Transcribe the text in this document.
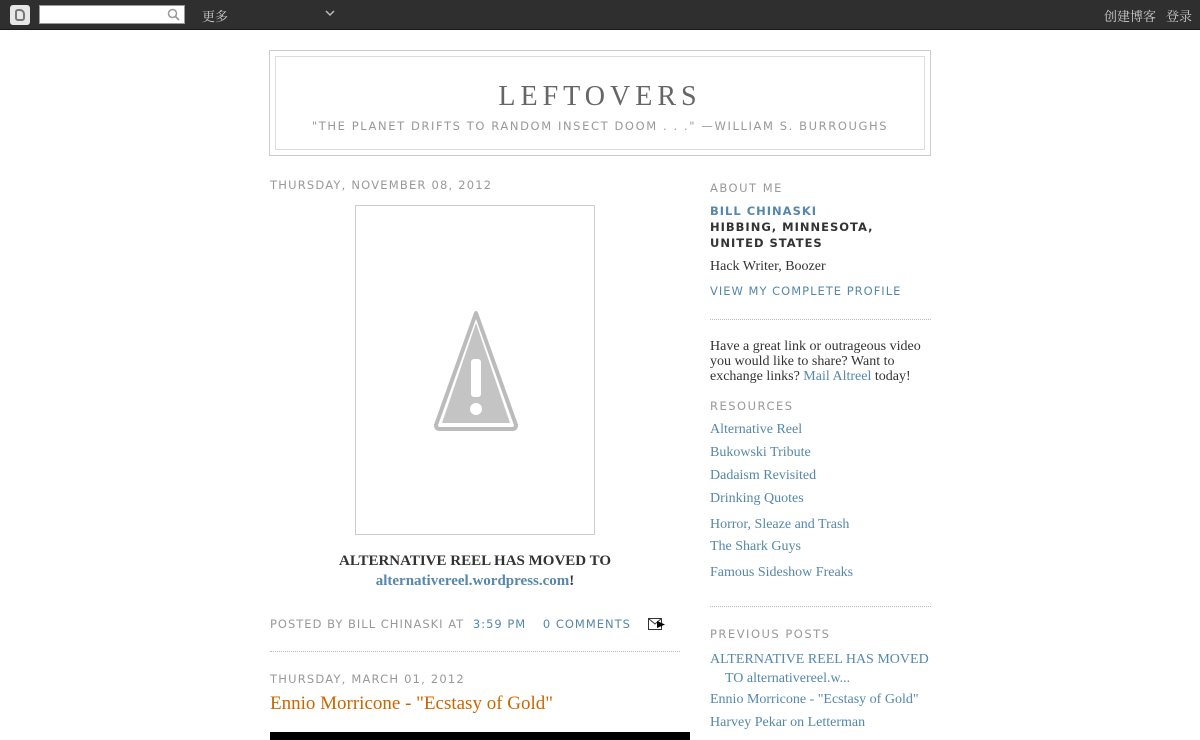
更多	创建博客 登录
LEFTOVERS
"THE PLANET DRIFTS TO RANDOM INSECT DOOM . . ." —WILLIAM S. BURROUGHS
THURSDAY, NOVEMBER 08, 2012
ALTERNATIVE REEL HAS MOVED TO
alternativereel.wordpress.com!
POSTED BY BILL CHINASKI AT 3:59 PM 0 COMMENTS
THURSDAY, MARCH 01, 2012
Ennio Morricone - "Ecstasy of Gold"
ABOUT ME
BILL CHINASKI
HIBBING, MINNESOTA, UNITED STATES
Hack Writer, Boozer
VIEW MY COMPLETE PROFILE
Have a great link or outrageous video you would like to share? Want to exchange links? Mail Altreel today!
RESOURCES
Alternative Reel
Bukowski Tribute
Dadaism Revisited
Drinking Quotes
Horror, Sleaze and Trash
The Shark Guys
Famous Sideshow Freaks
PREVIOUS POSTS
ALTERNATIVE REEL HAS MOVED TO alternativereel.w...
Ennio Morricone - "Ecstasy of Gold"
Harvey Pekar on Letterman
